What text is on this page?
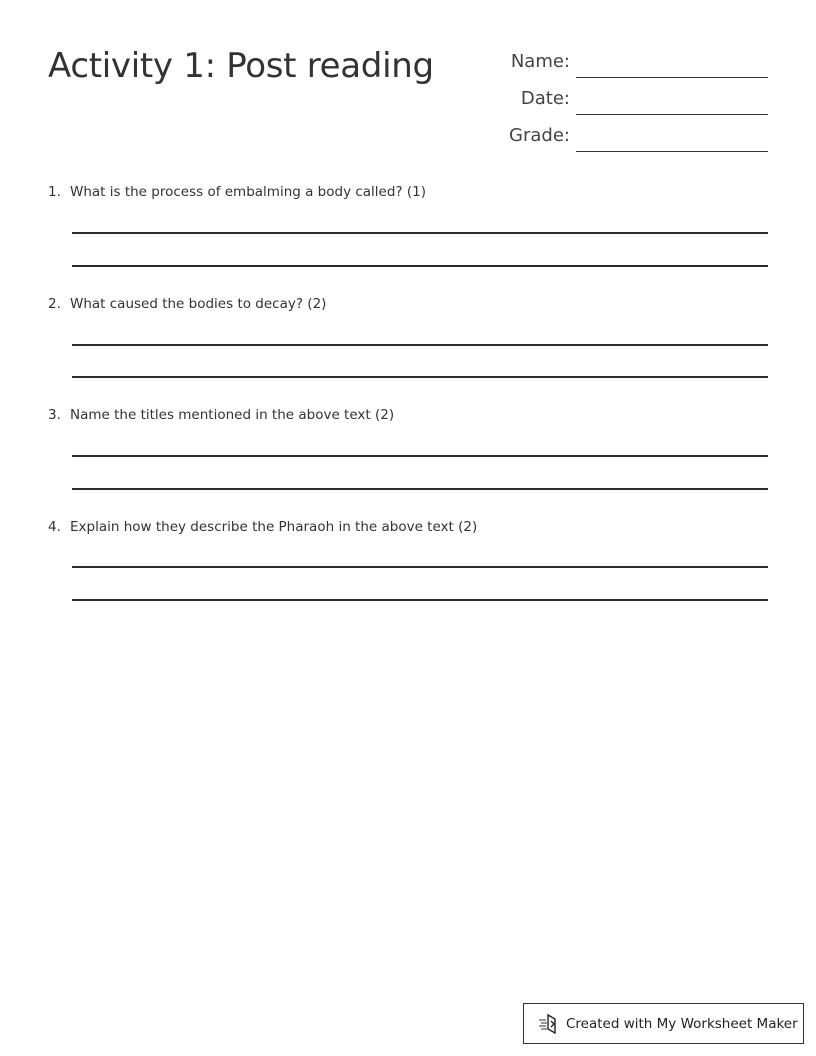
Activity 1: Post reading	Name:
Date:
Grade:
1. What is the process of embalming a body called? (1)
2. What caused the bodies to decay? (2)
3. Name the titles mentioned in the above text (2)
4. Explain how they describe the Pharaoh in the above text (2)
Created with My Worksheet Maker
